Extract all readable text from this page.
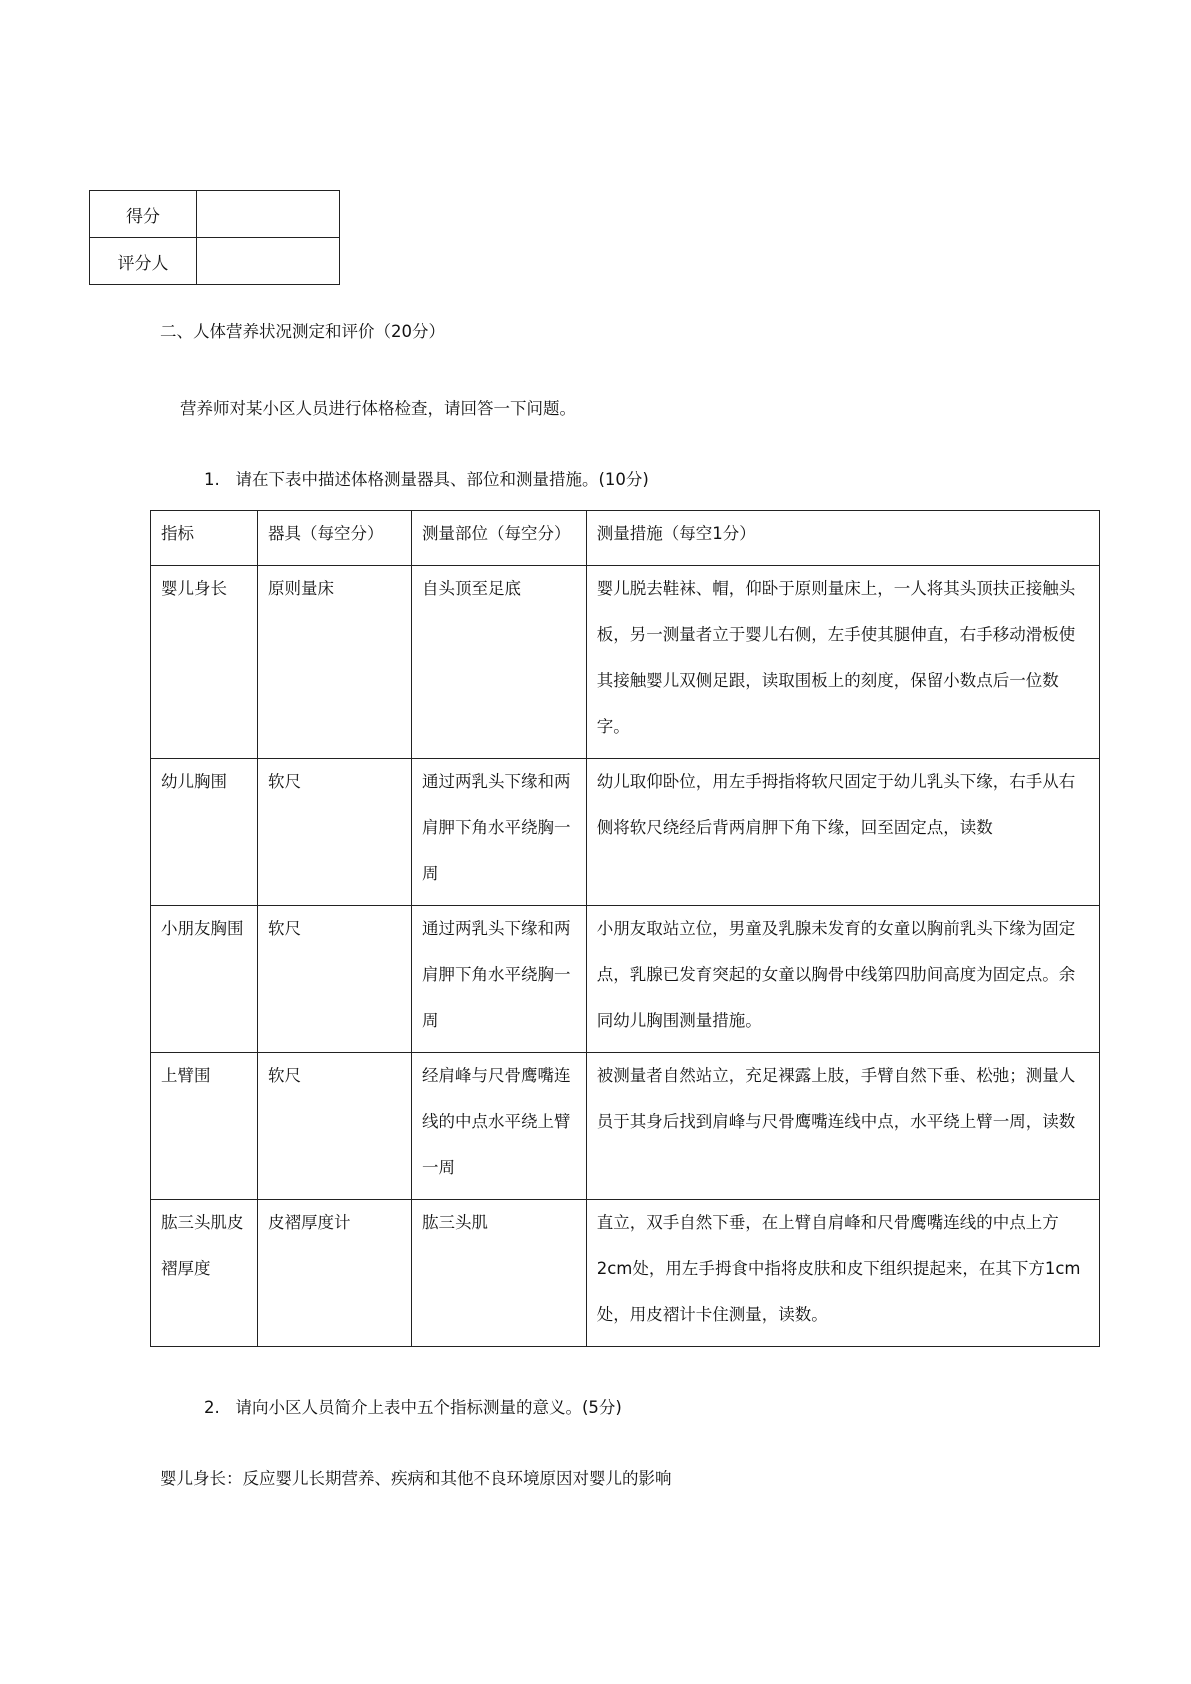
得分	
评分人	
二、人体营养状况测定和评价（20分）
营养师对某小区人员进行体格检查，请回答一下问题。
1.   请在下表中描述体格测量器具、部位和测量措施。(10分)
指标	器具（每空分）	测量部位（每空分）	测量措施（每空1分）

婴儿身长	原则量床	自头顶至足底	婴儿脱去鞋袜、帽，仰卧于原则量床上，一人将其头顶扶正接触头板，另一测量者立于婴儿右侧，左手使其腿伸直，右手移动滑板使其接触婴儿双侧足跟，读取围板上的刻度，保留小数点后一位数字。

幼儿胸围	软尺	通过两乳头下缘和两肩胛下角水平绕胸一周	幼儿取仰卧位，用左手拇指将软尺固定于幼儿乳头下缘，右手从右侧将软尺绕经后背两肩胛下角下缘，回至固定点，读数

小朋友胸围	软尺	通过两乳头下缘和两肩胛下角水平绕胸一周	小朋友取站立位，男童及乳腺未发育的女童以胸前乳头下缘为固定点，乳腺已发育突起的女童以胸骨中线第四肋间高度为固定点。余同幼儿胸围测量措施。

上臂围	软尺	经肩峰与尺骨鹰嘴连线的中点水平绕上臂一周	被测量者自然站立，充足裸露上肢，手臂自然下垂、松弛；测量人员于其身后找到肩峰与尺骨鹰嘴连线中点，水平绕上臂一周，读数

肱三头肌皮褶厚度	皮褶厚度计	肱三头肌	直立，双手自然下垂，在上臂自肩峰和尺骨鹰嘴连线的中点上方2cm处，用左手拇食中指将皮肤和皮下组织提起来，在其下方1cm处，用皮褶计卡住测量，读数。
2.   请向小区人员简介上表中五个指标测量的意义。(5分)
婴儿身长：反应婴儿长期营养、疾病和其他不良环境原因对婴儿的影响
